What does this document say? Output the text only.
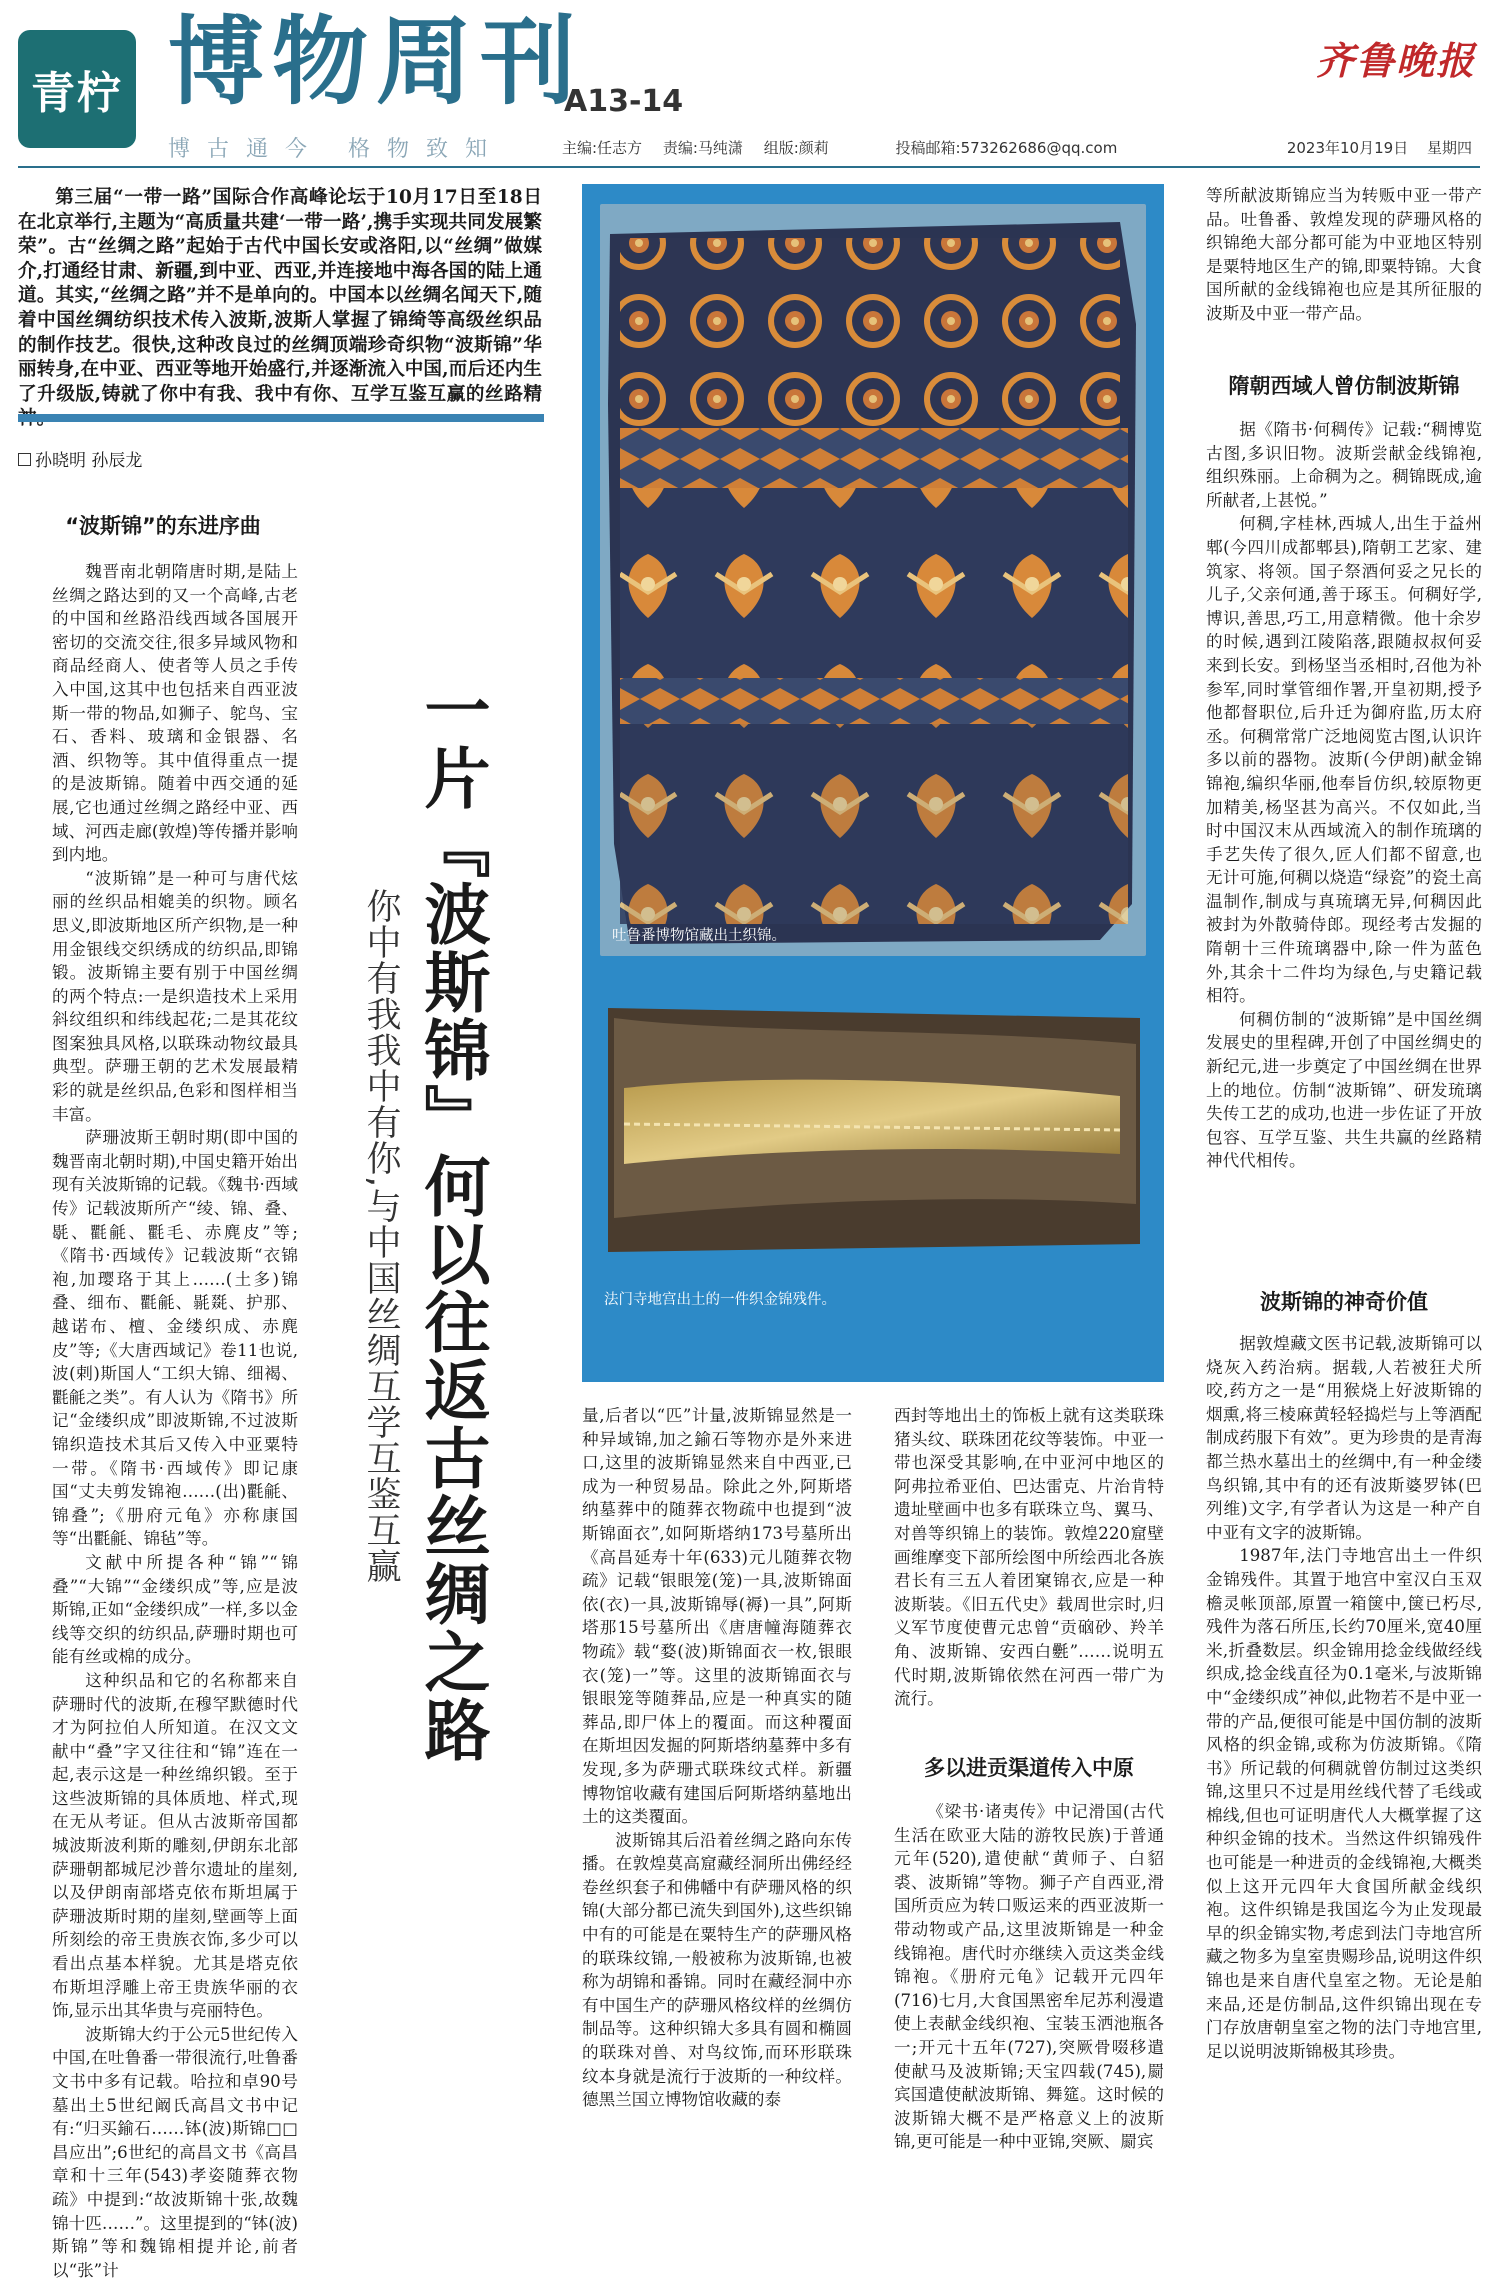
青柠 博物周刊
A13-14
齐鲁晚报
博古通今 格物致知	主编:任志方 责编:马纯潇 组版:颜莉	投稿邮箱:573262686@qq.com	2023年10月19日 星期四
第三届“一带一路”国际合作高峰论坛于10月17日至18日在北京举行,主题为“高质量共建‘一带一路’,携手实现共同发展繁荣”。古“丝绸之路”起始于古代中国长安或洛阳,以“丝绸”做媒介,打通经甘肃、新疆,到中亚、西亚,并连接地中海各国的陆上通道。其实,“丝绸之路”并不是单向的。中国本以丝绸名闻天下,随着中国丝绸纺织技术传入波斯,波斯人掌握了锦绮等高级丝织品的制作技艺。很快,这种改良过的丝绸顶端珍奇织物“波斯锦”华丽转身,在中亚、西亚等地开始盛行,并逐渐流入中国,而后还内生了升级版,铸就了你中有我、我中有你、互学互鉴互赢的丝路精
孙晓明 孙辰龙
“波斯锦”的东进序曲

魏晋南北朝隋唐时期,是陆上丝绸之路达到的又一个高峰,古老的中国和丝路沿线西域各国展开密切的交流交往,很多异域风物和商品经商人、使者等人员之手传入中国,这其中也包括来自西亚波斯一带的物品,如狮子、鸵鸟、宝石、香料、玻璃和金银器、名酒、织物等。其中值得重点一提的是波斯锦。随着中西交通的延展,它也通过丝绸之路经中亚、西域、河西走廊(敦煌)等传播并影响到内地。

“波斯锦”是一种可与唐代炫丽的丝织品相媲美的织物。顾名思义,即波斯地区所产织物,是一种用金银线交织绣成的纺织品,即锦锻。波斯锦主要有别于中国丝绸的两个特点:一是织造技术上采用斜纹组织和纬线起花;二是其花纹图案独具风格,以联珠动物纹最具典型。萨珊王朝的艺术发展最精彩的就是丝织品,色彩和图样相当丰富。

萨珊波斯王朝时期(即中国的魏晋南北朝时期),中国史籍开始出现有关波斯锦的记载。《魏书·西域传》记载波斯所产“绫、锦、叠、毼、氍毹、氍毛、赤麂皮”等;《隋书·西域传》记载波斯“衣锦袍,加璎珞于其上……(土多)锦叠、细布、氍毹、毾毲、护那、越诺布、檀、金缕织成、赤麂皮”等;《大唐西域记》卷11也说,波(剌)斯国人“工织大锦、细褐、氍毹之类”。有人认为《隋书》所记“金缕织成”即波斯锦,不过波斯锦织造技术其后又传入中亚粟特一带。《隋书·西域传》即记康国“丈夫剪发锦袍……(出)氍毹、锦叠”;《册府元龟》亦称康国等“出氍毹、锦毡”等。

文献中所提各种“锦”“锦叠”“大锦”“金缕织成”等,应是波斯锦,正如“金缕织成”一样,多以金线等交织的纺织品,萨珊时期也可能有丝或棉的成分。

这种织品和它的名称都来自萨珊时代的波斯,在穆罕默德时代才为阿拉伯人所知道。在汉文文献中“叠”字又往往和“锦”连在一起,表示这是一种丝绵织锻。至于这些波斯锦的具体质地、样式,现在无从考证。但从古波斯帝国都城波斯波利斯的雕刻,伊朗东北部萨珊朝都城尼沙普尔遗址的崖刻,以及伊朗南部塔克依布斯坦属于萨珊波斯时期的崖刻,壁画等上面所刻绘的帝王贵族衣饰,多少可以看出点基本样貌。尤其是塔克依布斯坦浮雕上帝王贵族华丽的衣饰,显示出其华贵与亮丽特色。

波斯锦大约于公元5世纪传入中国,在吐鲁番一带很流行,吐鲁番文书中多有记载。哈拉和卓90号墓出土5世纪阚氏高昌文书中记有:“归买鍮石……钵(波)斯锦□□昌应出”;6世纪的高昌文书《高昌章和十三年(543)孝姿随葬衣物疏》中提到:“故波斯锦十张,故魏锦十匹……”。这里提到的“钵(波)斯锦”等和魏锦相提并论,前者以“张”计

一片『波斯锦』何以往返古丝绸之路
你中有我我中有你,与中国丝绸互学互鉴互赢	吐鲁番博物馆藏出土织锦。
法门寺地宫出土的一件织金锦残件。

量,后者以“匹”计量,波斯锦显然是一种异域锦,加之鍮石等物亦是外来进口,这里的波斯锦显然来自中西亚,已成为一种贸易品。除此之外,阿斯塔纳墓葬中的随葬衣物疏中也提到“波斯锦面衣”,如阿斯塔纳173号墓所出《高昌延寿十年(633)元儿随葬衣物疏》记载“银眼笼(笼)一具,波斯锦面依(衣)一具,波斯锦辱(褥)一具”,阿斯塔那15号墓所出《唐唐幢海随葬衣物疏》载“婺(波)斯锦面衣一枚,银眼衣(笼)一”等。这里的波斯锦面衣与银眼笼等随葬品,应是一种真实的随葬品,即尸体上的覆面。而这种覆面在斯坦因发掘的阿斯塔纳墓葬中多有发现,多为萨珊式联珠纹式样。新疆博物馆收藏有建国后阿斯塔纳墓地出土的这类覆面。

波斯锦其后沿着丝绸之路向东传播。在敦煌莫高窟藏经洞所出佛经经卷丝织套子和佛幡中有萨珊风格的织锦(大部分都已流失到国外),这些织锦中有的可能是在粟特生产的萨珊风格的联珠纹锦,一般被称为波斯锦,也被称为胡锦和番锦。同时在藏经洞中亦有中国生产的萨珊风格纹样的丝绸仿制品等。这种织锦大多具有圆和椭圆的联珠对兽、对鸟纹饰,而环形联珠纹本身就是流行于波斯的一种纹样。德黑兰国立博物馆收藏的泰

西封等地出土的饰板上就有这类联珠猪头纹、联珠团花纹等装饰。中亚一带也深受其影响,在中亚河中地区的阿弗拉希亚伯、巴达雷克、片治肯特遗址壁画中也多有联珠立鸟、翼马、对兽等织锦上的装饰。敦煌220窟壁画维摩变下部所绘图中所绘西北各族君长有三五人着团窠锦衣,应是一种波斯装。《旧五代史》载周世宗时,归义军节度使曹元忠曾“贡硇砂、羚羊角、波斯锦、安西白氎”……说明五代时期,波斯锦依然在河西一带广为流行。

多以进贡渠道传入中原

《梁书·诸夷传》中记滑国(古代生活在欧亚大陆的游牧民族)于普通元年(520),遣使献“黄师子、白貂裘、波斯锦”等物。狮子产自西亚,滑国所贡应为转口贩运来的西亚波斯一带动物或产品,这里波斯锦是一种金线锦袍。唐代时亦继续入贡这类金线锦袍。《册府元龟》记载开元四年(716)七月,大食国黑密牟尼苏利漫遣使上表献金线织袍、宝装玉洒池瓶各一;开元十五年(727),突厥骨啜移遣使献马及波斯锦;天宝四载(745),罽宾国遣使献波斯锦、舞筵。这时候的波斯锦大概不是严格意义上的波斯锦,更可能是一种中亚锦,突厥、罽宾

等所献波斯锦应当为转贩中亚一带产品。吐鲁番、敦煌发现的萨珊风格的织锦绝大部分都可能为中亚地区特别是粟特地区生产的锦,即粟特锦。大食国所献的金线锦袍也应是其所征服的波斯及中亚一带产品。

隋朝西域人曾仿制波斯锦

据《隋书·何稠传》记载:“稠博览古图,多识旧物。波斯尝献金线锦袍,组织殊丽。上命稠为之。稠锦既成,逾所献者,上甚悦。”

何稠,字桂林,西城人,出生于益州郫(今四川成都郫县),隋朝工艺家、建筑家、将领。国子祭酒何妥之兄长的儿子,父亲何通,善于琢玉。何稠好学,博识,善思,巧工,用意精微。他十余岁的时候,遇到江陵陷落,跟随叔叔何妥来到长安。到杨坚当丞相时,召他为补参军,同时掌管细作署,开皇初期,授予他都督职位,后升迁为御府监,历太府丞。何稠常常广泛地阅览古图,认识许多以前的器物。波斯(今伊朗)献金锦锦袍,编织华丽,他奉旨仿织,较原物更加精美,杨坚甚为高兴。不仅如此,当时中国汉末从西域流入的制作琉璃的手艺失传了很久,匠人们都不留意,也无计可施,何稠以烧造“绿瓷”的瓷土高温制作,制成与真琉璃无异,何稠因此被封为外散骑侍郎。现经考古发掘的隋朝十三件琉璃器中,除一件为蓝色外,其余十二件均为绿色,与史籍记载相符。

何稠仿制的“波斯锦”是中国丝绸发展史的里程碑,开创了中国丝绸史的新纪元,进一步奠定了中国丝绸在世界上的地位。仿制“波斯锦”、研发琉璃失传工艺的成功,也进一步佐证了开放包容、互学互鉴、共生共赢的丝路精神代代相传。

波斯锦的神奇价值

据敦煌藏文医书记载,波斯锦可以烧灰入药治病。据载,人若被狂犬所咬,药方之一是“用猴烧上好波斯锦的烟熏,将三棱麻黄轻轻捣烂与上等酒配制成药服下有效”。更为珍贵的是青海都兰热水墓出土的丝绸中,有一种金缕鸟织锦,其中有的还有波斯婆罗钵(巴列维)文字,有学者认为这是一种产自中亚有文字的波斯锦。

1987年,法门寺地宫出土一件织金锦残件。其置于地宫中室汉白玉双檐灵帐顶部,原置一箱箧中,箧已朽尽,残件为落石所压,长约70厘米,宽40厘米,折叠数层。织金锦用捻金线做经线织成,捻金线直径为0.1毫米,与波斯锦中“金缕织成”神似,此物若不是中亚一带的产品,便很可能是中国仿制的波斯风格的织金锦,或称为仿波斯锦。《隋书》所记载的何稠就曾仿制过这类织锦,这里只不过是用丝线代替了毛线或棉线,但也可证明唐代人大概掌握了这种织金锦的技术。当然这件织锦残件也可能是一种进贡的金线锦袍,大概类似上这开元四年大食国所献金线织袍。这件织锦是我国迄今为止发现最早的织金锦实物,考虑到法门寺地宫所藏之物多为皇室贵赐珍品,说明这件织锦也是来自唐代皇室之物。无论是舶来品,还是仿制品,这件织锦出现在专门存放唐朝皇室之物的法门寺地宫里,足以说明波斯锦极其珍贵。
